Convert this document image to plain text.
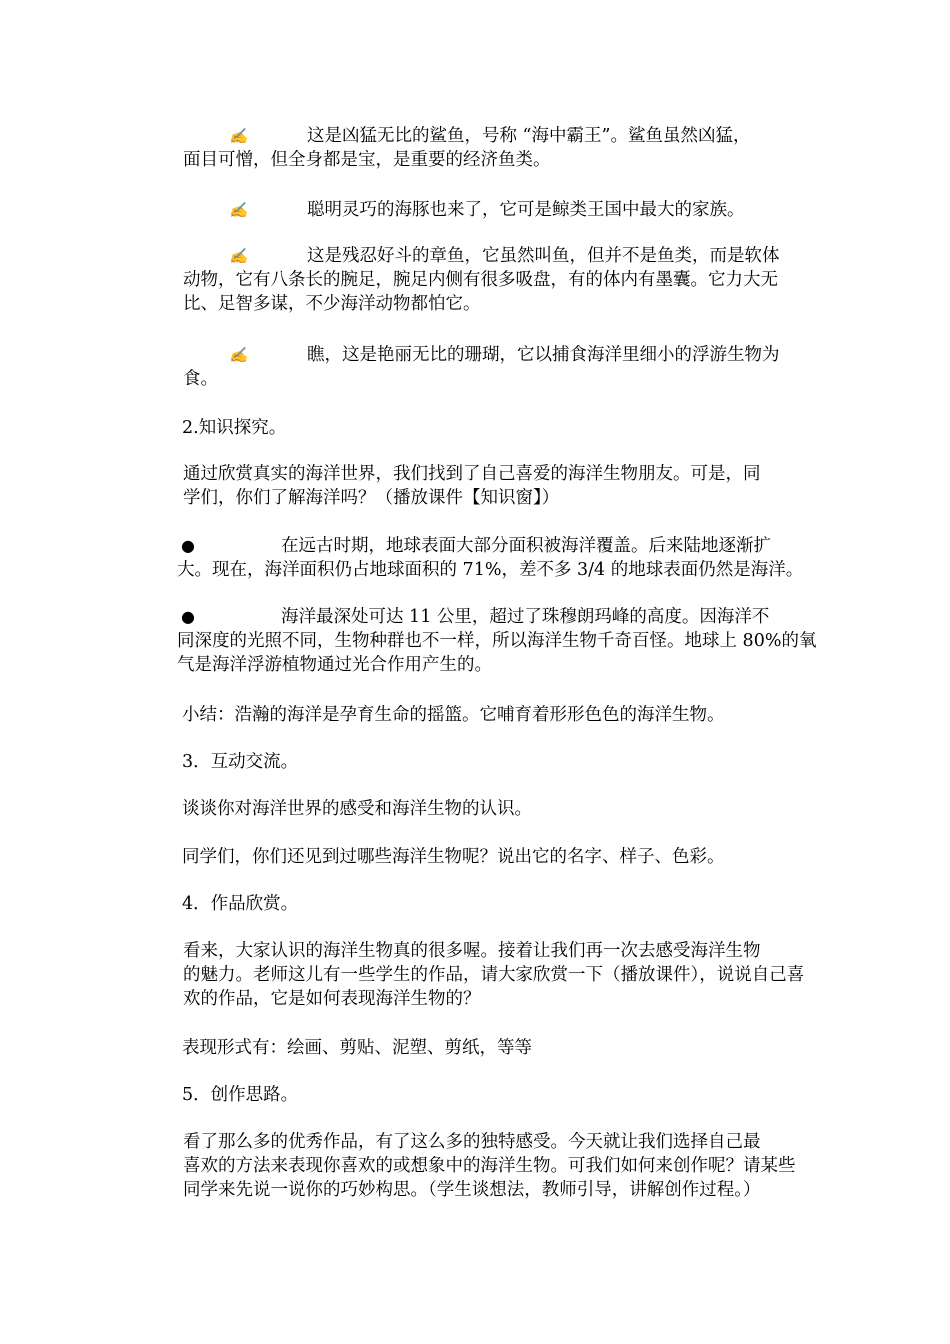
✍	这是凶猛无比的鲨鱼，号称 “海中霸王”。鲨鱼虽然凶猛，
面目可憎，但全身都是宝，是重要的经济鱼类。
✍	聪明灵巧的海豚也来了，它可是鲸类王国中最大的家族。
✍	这是残忍好斗的章鱼，它虽然叫鱼，但并不是鱼类，而是软体
动物，它有八条长的腕足，腕足内侧有很多吸盘，有的体内有墨囊。它力大无
比、足智多谋，不少海洋动物都怕它。
✍	瞧，这是艳丽无比的珊瑚，它以捕食海洋里细小的浮游生物为
食。
2.知识探究。
通过欣赏真实的海洋世界，我们找到了自己喜爱的海洋生物朋友。可是，同
学们，你们了解海洋吗？（播放课件【知识窗】）
●	在远古时期，地球表面大部分面积被海洋覆盖。后来陆地逐渐扩
大。现在，海洋面积仍占地球面积的 71%，差不多 3/4 的地球表面仍然是海洋。
●	海洋最深处可达 11 公里，超过了珠穆朗玛峰的高度。因海洋不
同深度的光照不同，生物种群也不一样，所以海洋生物千奇百怪。地球上 80%的氧
气是海洋浮游植物通过光合作用产生的。
小结：浩瀚的海洋是孕育生命的摇篮。它哺育着形形色色的海洋生物。
3．互动交流。
谈谈你对海洋世界的感受和海洋生物的认识。
同学们，你们还见到过哪些海洋生物呢？说出它的名字、样子、色彩。
4．作品欣赏。
看来，大家认识的海洋生物真的很多喔。接着让我们再一次去感受海洋生物
的魅力。老师这儿有一些学生的作品，请大家欣赏一下（播放课件），说说自己喜
欢的作品，它是如何表现海洋生物的？
表现形式有：绘画、剪贴、泥塑、剪纸，等等
5．创作思路。
看了那么多的优秀作品，有了这么多的独特感受。今天就让我们选择自己最
喜欢的方法来表现你喜欢的或想象中的海洋生物。可我们如何来创作呢？请某些
同学来先说一说你的巧妙构思。（学生谈想法，教师引导，讲解创作过程。）
